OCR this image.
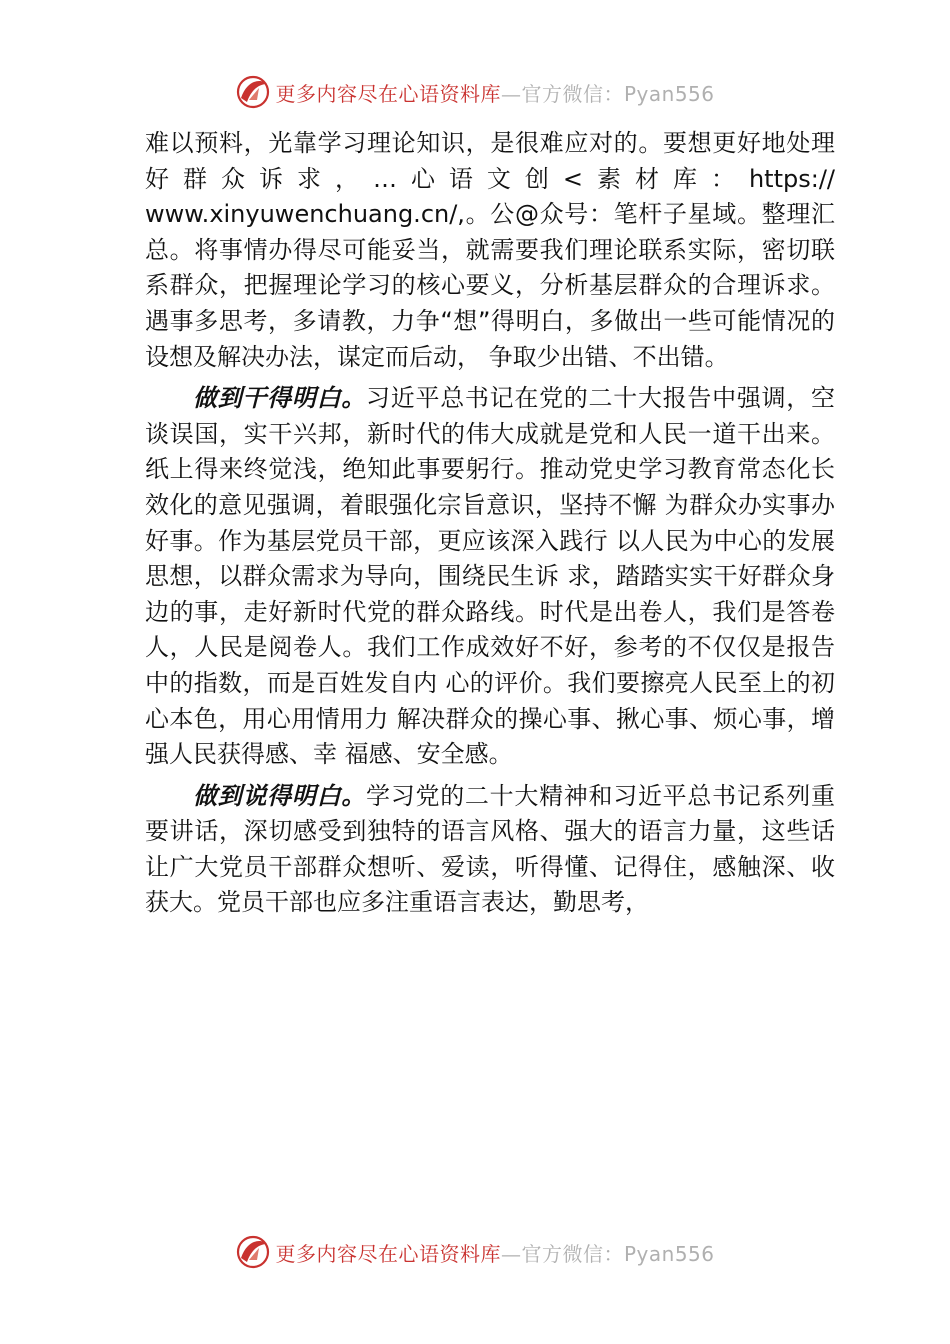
更多内容尽在心语资料库—官方微信：Pyan556

难以预料，光靠学习理论知识，是很难应对的。要想更好地处理好群众诉求，…心语文创<素材库：https:// www.xinyuwenchuang.cn/,。公@众号：笔杆子星域。整理汇总。将事情办得尽可能妥当，就需要我们理论联系实际，密切联系群众，把握理论学习的核心要义，分析基层群众的合理诉求。遇事多思考，多请教，力争“想”得明白，多做出一些可能情况的设想及解决办法，谋定而后动， 争取少出错、不出错。

做到干得明白。习近平总书记在党的二十大报告中强调，空谈误国，实干兴邦，新时代的伟大成就是党和人民一道干出来。纸上得来终觉浅，绝知此事要躬行。推动党史学习教育常态化长效化的意见强调，着眼强化宗旨意识，坚持不懈 为群众办实事办好事。作为基层党员干部，更应该深入践行 以人民为中心的发展思想，以群众需求为导向，围绕民生诉 求，踏踏实实干好群众身边的事，走好新时代党的群众路线。时代是出卷人，我们是答卷人，人民是阅卷人。我们工作成效好不好，参考的不仅仅是报告中的指数，而是百姓发自内 心的评价。我们要擦亮人民至上的初心本色，用心用情用力 解决群众的操心事、揪心事、烦心事，增强人民获得感、幸 福感、安全感。

做到说得明白。学习党的二十大精神和习近平总书记系列重要讲话，深切感受到独特的语言风格、强大的语言力量，这些话让广大党员干部群众想听、爱读，听得懂、记得住，感触深、收获大。党员干部也应多注重语言表达，勤思考，

更多内容尽在心语资料库—官方微信：Pyan556
